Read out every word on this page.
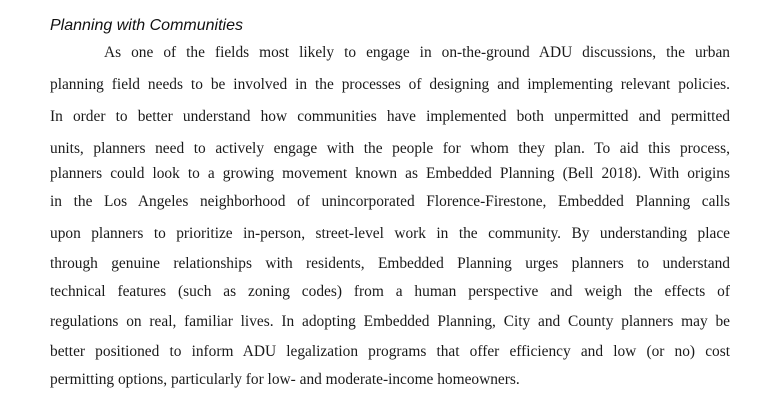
Planning with Communities
As one of the fields most likely to engage in on-the-ground ADU discussions, the urban
planning field needs to be involved in the processes of designing and implementing relevant policies.
In order to better understand how communities have implemented both unpermitted and permitted
units, planners need to actively engage with the people for whom they plan. To aid this process,
planners could look to a growing movement known as Embedded Planning (Bell 2018). With origins
in the Los Angeles neighborhood of unincorporated Florence-Firestone, Embedded Planning calls
upon planners to prioritize in-person, street-level work in the community. By understanding place
through genuine relationships with residents, Embedded Planning urges planners to understand
technical features (such as zoning codes) from a human perspective and weigh the effects of
regulations on real, familiar lives. In adopting Embedded Planning, City and County planners may be
better positioned to inform ADU legalization programs that offer efficiency and low (or no) cost
permitting options, particularly for low- and moderate-income homeowners.
